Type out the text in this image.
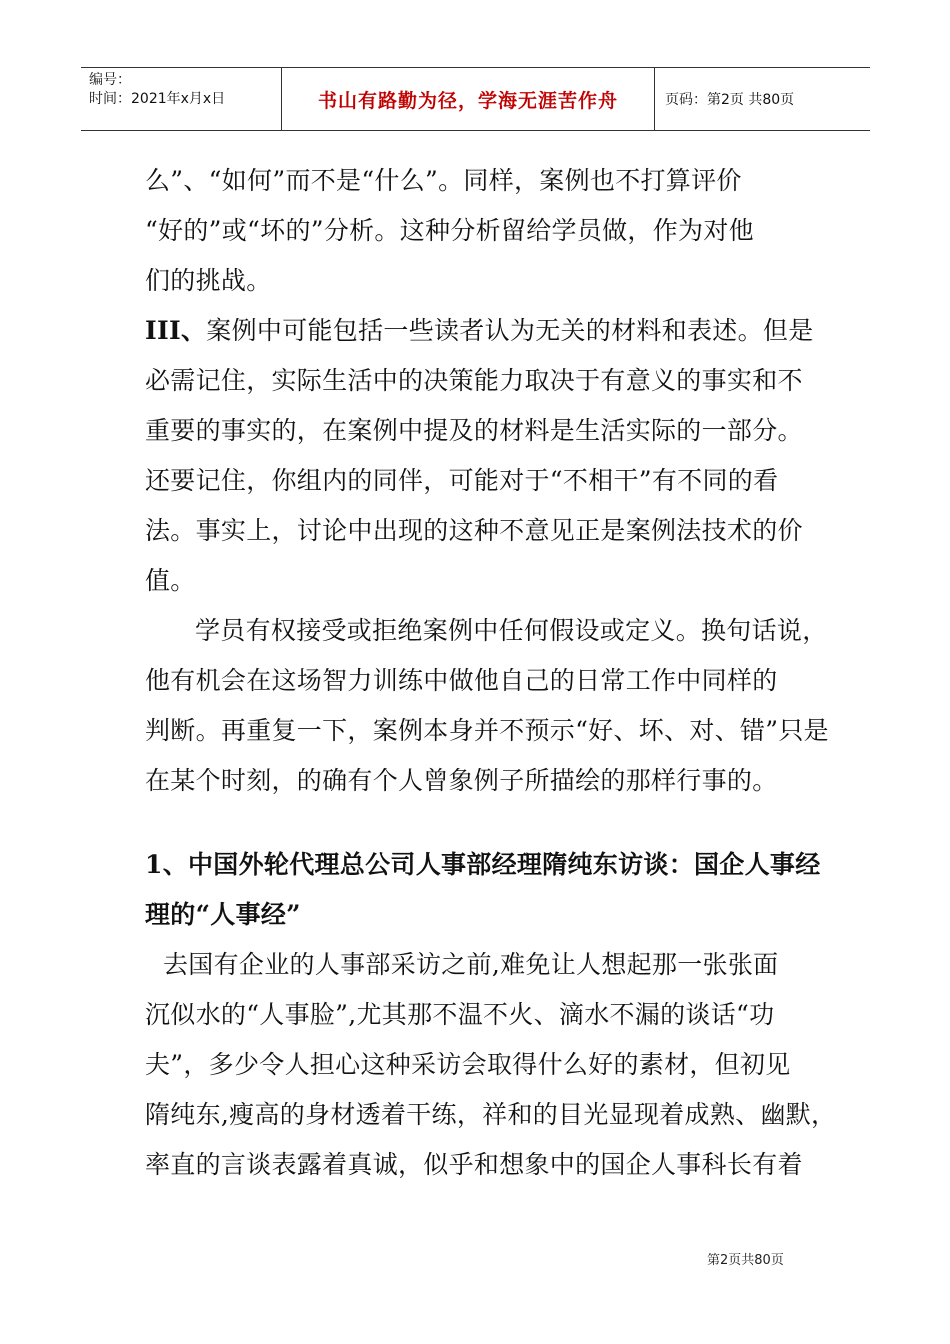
编号：
时间：2021年x月x日	书山有路勤为径，学海无涯苦作舟	页码：第2页 共80页

么”、“如何”而不是“什么”。同样，案例也不打算评价

“好的”或“坏的”分析。这种分析留给学员做，作为对他

们的挑战。

III、案例中可能包括一些读者认为无关的材料和表述。但是

必需记住，实际生活中的决策能力取决于有意义的事实和不

重要的事实的，在案例中提及的材料是生活实际的一部分。

还要记住，你组内的同伴，可能对于“不相干”有不同的看

法。事实上，讨论中出现的这种不意见正是案例法技术的价

值。

学员有权接受或拒绝案例中任何假设或定义。换句话说，

他有机会在这场智力训练中做他自己的日常工作中同样的

判断。再重复一下，案例本身并不预示“好、坏、对、错”只是

在某个时刻，的确有个人曾象例子所描绘的那样行事的。

1、中国外轮代理总公司人事部经理隋纯东访谈：国企人事经

理的“人事经”

去国有企业的人事部采访之前,难免让人想起那一张张面

沉似水的“人事脸”,尤其那不温不火、滴水不漏的谈话“功

夫”，多少令人担心这种采访会取得什么好的素材，但初见

隋纯东,瘦高的身材透着干练，祥和的目光显现着成熟、幽默，

率直的言谈表露着真诚，似乎和想象中的国企人事科长有着

第2页共80页
